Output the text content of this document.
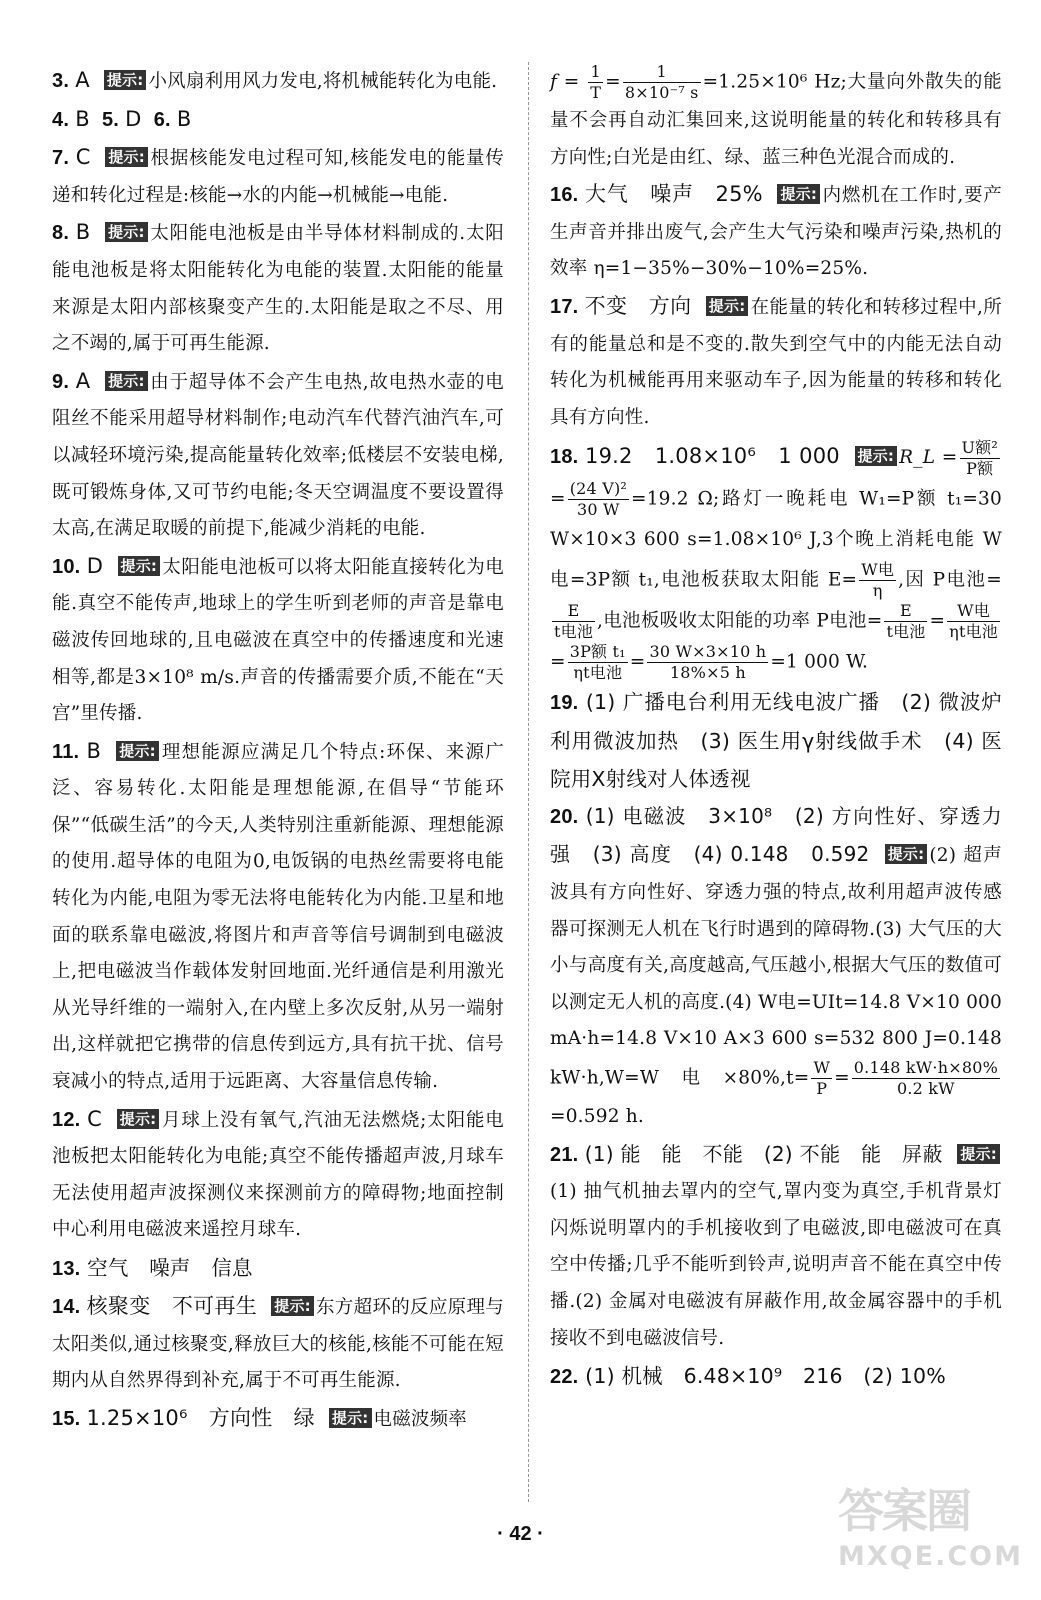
3. A 提示: 小风扇利用风力发电,将机械能转化为电能.

4. B 5. D 6. B

7. C 提示: 根据核能发电过程可知,核能发电的能量传递和转化过程是:核能→水的内能→机械能→电能.

8. B 提示: 太阳能电池板是由半导体材料制成的.太阳能电池板是将太阳能转化为电能的装置.太阳能的能量来源是太阳内部核聚变产生的.太阳能是取之不尽、用之不竭的,属于可再生能源.

9. A 提示: 由于超导体不会产生电热,故电热水壶的电阻丝不能采用超导材料制作;电动汽车代替汽油汽车,可以减轻环境污染,提高能量转化效率;低楼层不安装电梯,既可锻炼身体,又可节约电能;冬天空调温度不要设置得太高,在满足取暖的前提下,能减少消耗的电能.

10. D 提示: 太阳能电池板可以将太阳能直接转化为电能.真空不能传声,地球上的学生听到老师的声音是靠电磁波传回地球的,且电磁波在真空中的传播速度和光速相等,都是3×10⁸ m/s.声音的传播需要介质,不能在“天宫”里传播.

11. B 提示: 理想能源应满足几个特点:环保、来源广泛、容易转化.太阳能是理想能源,在倡导“节能环保”“低碳生活”的今天,人类特别注重新能源、理想能源的使用.超导体的电阻为0,电饭锅的电热丝需要将电能转化为内能,电阻为零无法将电能转化为内能.卫星和地面的联系靠电磁波,将图片和声音等信号调制到电磁波上,把电磁波当作载体发射回地面.光纤通信是利用激光从光导纤维的一端射入,在内壁上多次反射,从另一端射出,这样就把它携带的信息传到远方,具有抗干扰、信号衰减小的特点,适用于远距离、大容量信息传输.

12. C 提示: 月球上没有氧气,汽油无法燃烧;太阳能电池板把太阳能转化为电能;真空不能传播超声波,月球车无法使用超声波探测仪来探测前方的障碍物;地面控制中心利用电磁波来遥控月球车.

13. 空气　噪声　信息

14. 核聚变　不可再生 提示: 东方超环的反应原理与太阳类似,通过核聚变,释放巨大的核能,核能不可能在短期内从自然界得到补充,属于不可再生能源.

15. 1.25×10⁶　方向性　绿 提示: 电磁波频率

$f = \frac{1}{T} = \frac{1}{\text{8×10⁻⁷ s}} =1.25\times 10^6$ Hz;大量向外散失的能量不会再自动汇集回来,这说明能量的转化和转移具有方向性;白光是由红、绿、蓝三种色光混合而成的.

16. 大气　噪声　25% 提示: 内燃机在工作时,要产生声音并排出废气,会产生大气污染和噪声污染,热机的效率 η=1−35%−30%−10%=25%.

17. 不变　方向 提示: 在能量的转化和转移过程中,所有的能量总和是不变的.散失到空气中的内能无法自动转化为机械能再用来驱动车子,因为能量的转移和转化具有方向性.

18. 19.2　1.08×10⁶　1 000 提示: R_L = $\frac{\text{U额²}}{\text{P额}}$
= $\frac{\text{(24 V)²}}{30 W} =19.2$ Ω;路灯一晚耗电 W₁=P额 t₁=30 W×10×3 600 s=1.08×10⁶ J,3个晚上消耗电能 W电=3P额 t₁,电池板获取太阳能 $E= \frac{\text{W电}}{\eta}$ ,因 P电池=
$\frac{E}{\text{t电池}}$ ,电池板吸收太阳能的功率 P电池= $\frac{E}{\text{t电池}} = \frac{\text{W电}}{\text{ηt电池}}$
= $\frac{\text{3P额 t₁}}{\text{ηt电池}} = \frac{30 W\times 3\times 10 h}{18\%\times 5 h} =1$ 000 W.

19. (1) 广播电台利用无线电波广播　(2) 微波炉利用微波加热　(3) 医生用γ射线做手术　(4) 医院用X射线对人体透视

20. (1) 电磁波　3×10⁸　(2) 方向性好、穿透力强　(3) 高度　(4) 0.148　0.592 提示: (2) 超声波具有方向性好、穿透力强的特点,故利用超声波传感器可探测无人机在飞行时遇到的障碍物.(3) 大气压的大小与高度有关,高度越高,气压越小,根据大气压的数值可以测定无人机的高度.(4) W电=UIt=14.8 V×10 000 mA·h=14.8 V×10 A×3 600 s=532 800 J=0.148 kW·h,W=W电$\times 80\%,t= \frac{W}{P} = \frac{0.148 kW\cdot h\times 80\%}{0.2 kW}$
=0.592 h.

21. (1) 能　能　不能　(2) 不能　能　屏蔽 提示:(1) 抽气机抽去罩内的空气,罩内变为真空,手机背景灯闪烁说明罩内的手机接收到了电磁波,即电磁波可在真空中传播;几乎不能听到铃声,说明声音不能在真空中传播.(2) 金属对电磁波有屏蔽作用,故金属容器中的手机接收不到电磁波信号.

22. (1) 机械　6.48×10⁹　216　(2) 10%

· 42 ·	答案圈
MXQE.COM
